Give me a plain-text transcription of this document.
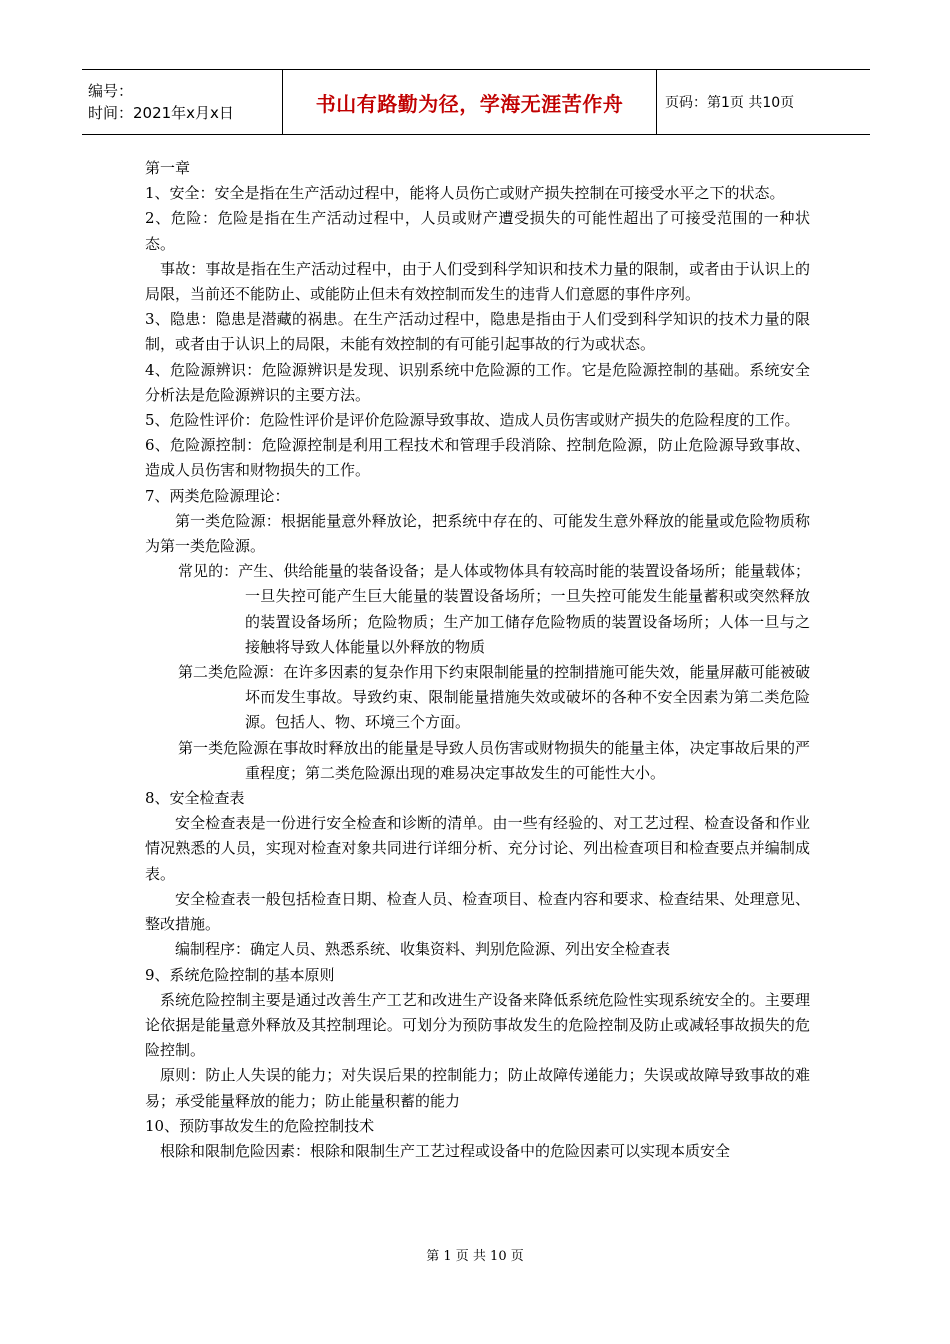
编号：
时间：2021年x月x日	书山有路勤为径，学海无涯苦作舟	页码：第1页 共10页

第一章

1、安全：安全是指在生产活动过程中，能将人员伤亡或财产损失控制在可接受水平之下的状态。

2、危险：危险是指在生产活动过程中，人员或财产遭受损失的可能性超出了可接受范围的一种状态。

事故：事故是指在生产活动过程中，由于人们受到科学知识和技术力量的限制，或者由于认识上的局限，当前还不能防止、或能防止但未有效控制而发生的违背人们意愿的事件序列。

3、隐患：隐患是潜藏的祸患。在生产活动过程中，隐患是指由于人们受到科学知识的技术力量的限制，或者由于认识上的局限，未能有效控制的有可能引起事故的行为或状态。

4、危险源辨识：危险源辨识是发现、识别系统中危险源的工作。它是危险源控制的基础。系统安全分析法是危险源辨识的主要方法。

5、危险性评价：危险性评价是评价危险源导致事故、造成人员伤害或财产损失的危险程度的工作。

6、危险源控制：危险源控制是利用工程技术和管理手段消除、控制危险源，防止危险源导致事故、造成人员伤害和财物损失的工作。

7、两类危险源理论：

第一类危险源：根据能量意外释放论，把系统中存在的、可能发生意外释放的能量或危险物质称为第一类危险源。

常见的：产生、供给能量的装备设备；是人体或物体具有较高时能的装置设备场所；能量载体；一旦失控可能产生巨大能量的装置设备场所；一旦失控可能发生能量蓄积或突然释放的装置设备场所；危险物质；生产加工储存危险物质的装置设备场所；人体一旦与之接触将导致人体能量以外释放的物质

第二类危险源：在许多因素的复杂作用下约束限制能量的控制措施可能失效，能量屏蔽可能被破坏而发生事故。导致约束、限制能量措施失效或破坏的各种不安全因素为第二类危险源。包括人、物、环境三个方面。

第一类危险源在事故时释放出的能量是导致人员伤害或财物损失的能量主体，决定事故后果的严重程度；第二类危险源出现的难易决定事故发生的可能性大小。

8、安全检查表

安全检查表是一份进行安全检查和诊断的清单。由一些有经验的、对工艺过程、检查设备和作业情况熟悉的人员，实现对检查对象共同进行详细分析、充分讨论、列出检查项目和检查要点并编制成表。

安全检查表一般包括检查日期、检查人员、检查项目、检查内容和要求、检查结果、处理意见、整改措施。

编制程序：确定人员、熟悉系统、收集资料、判别危险源、列出安全检查表

9、系统危险控制的基本原则

系统危险控制主要是通过改善生产工艺和改进生产设备来降低系统危险性实现系统安全的。主要理论依据是能量意外释放及其控制理论。可划分为预防事故发生的危险控制及防止或减轻事故损失的危险控制。

原则：防止人失误的能力；对失误后果的控制能力；防止故障传递能力；失误或故障导致事故的难易；承受能量释放的能力；防止能量积蓄的能力

10、预防事故发生的危险控制技术

根除和限制危险因素：根除和限制生产工艺过程或设备中的危险因素可以实现本质安全

第 1 页 共 10 页
